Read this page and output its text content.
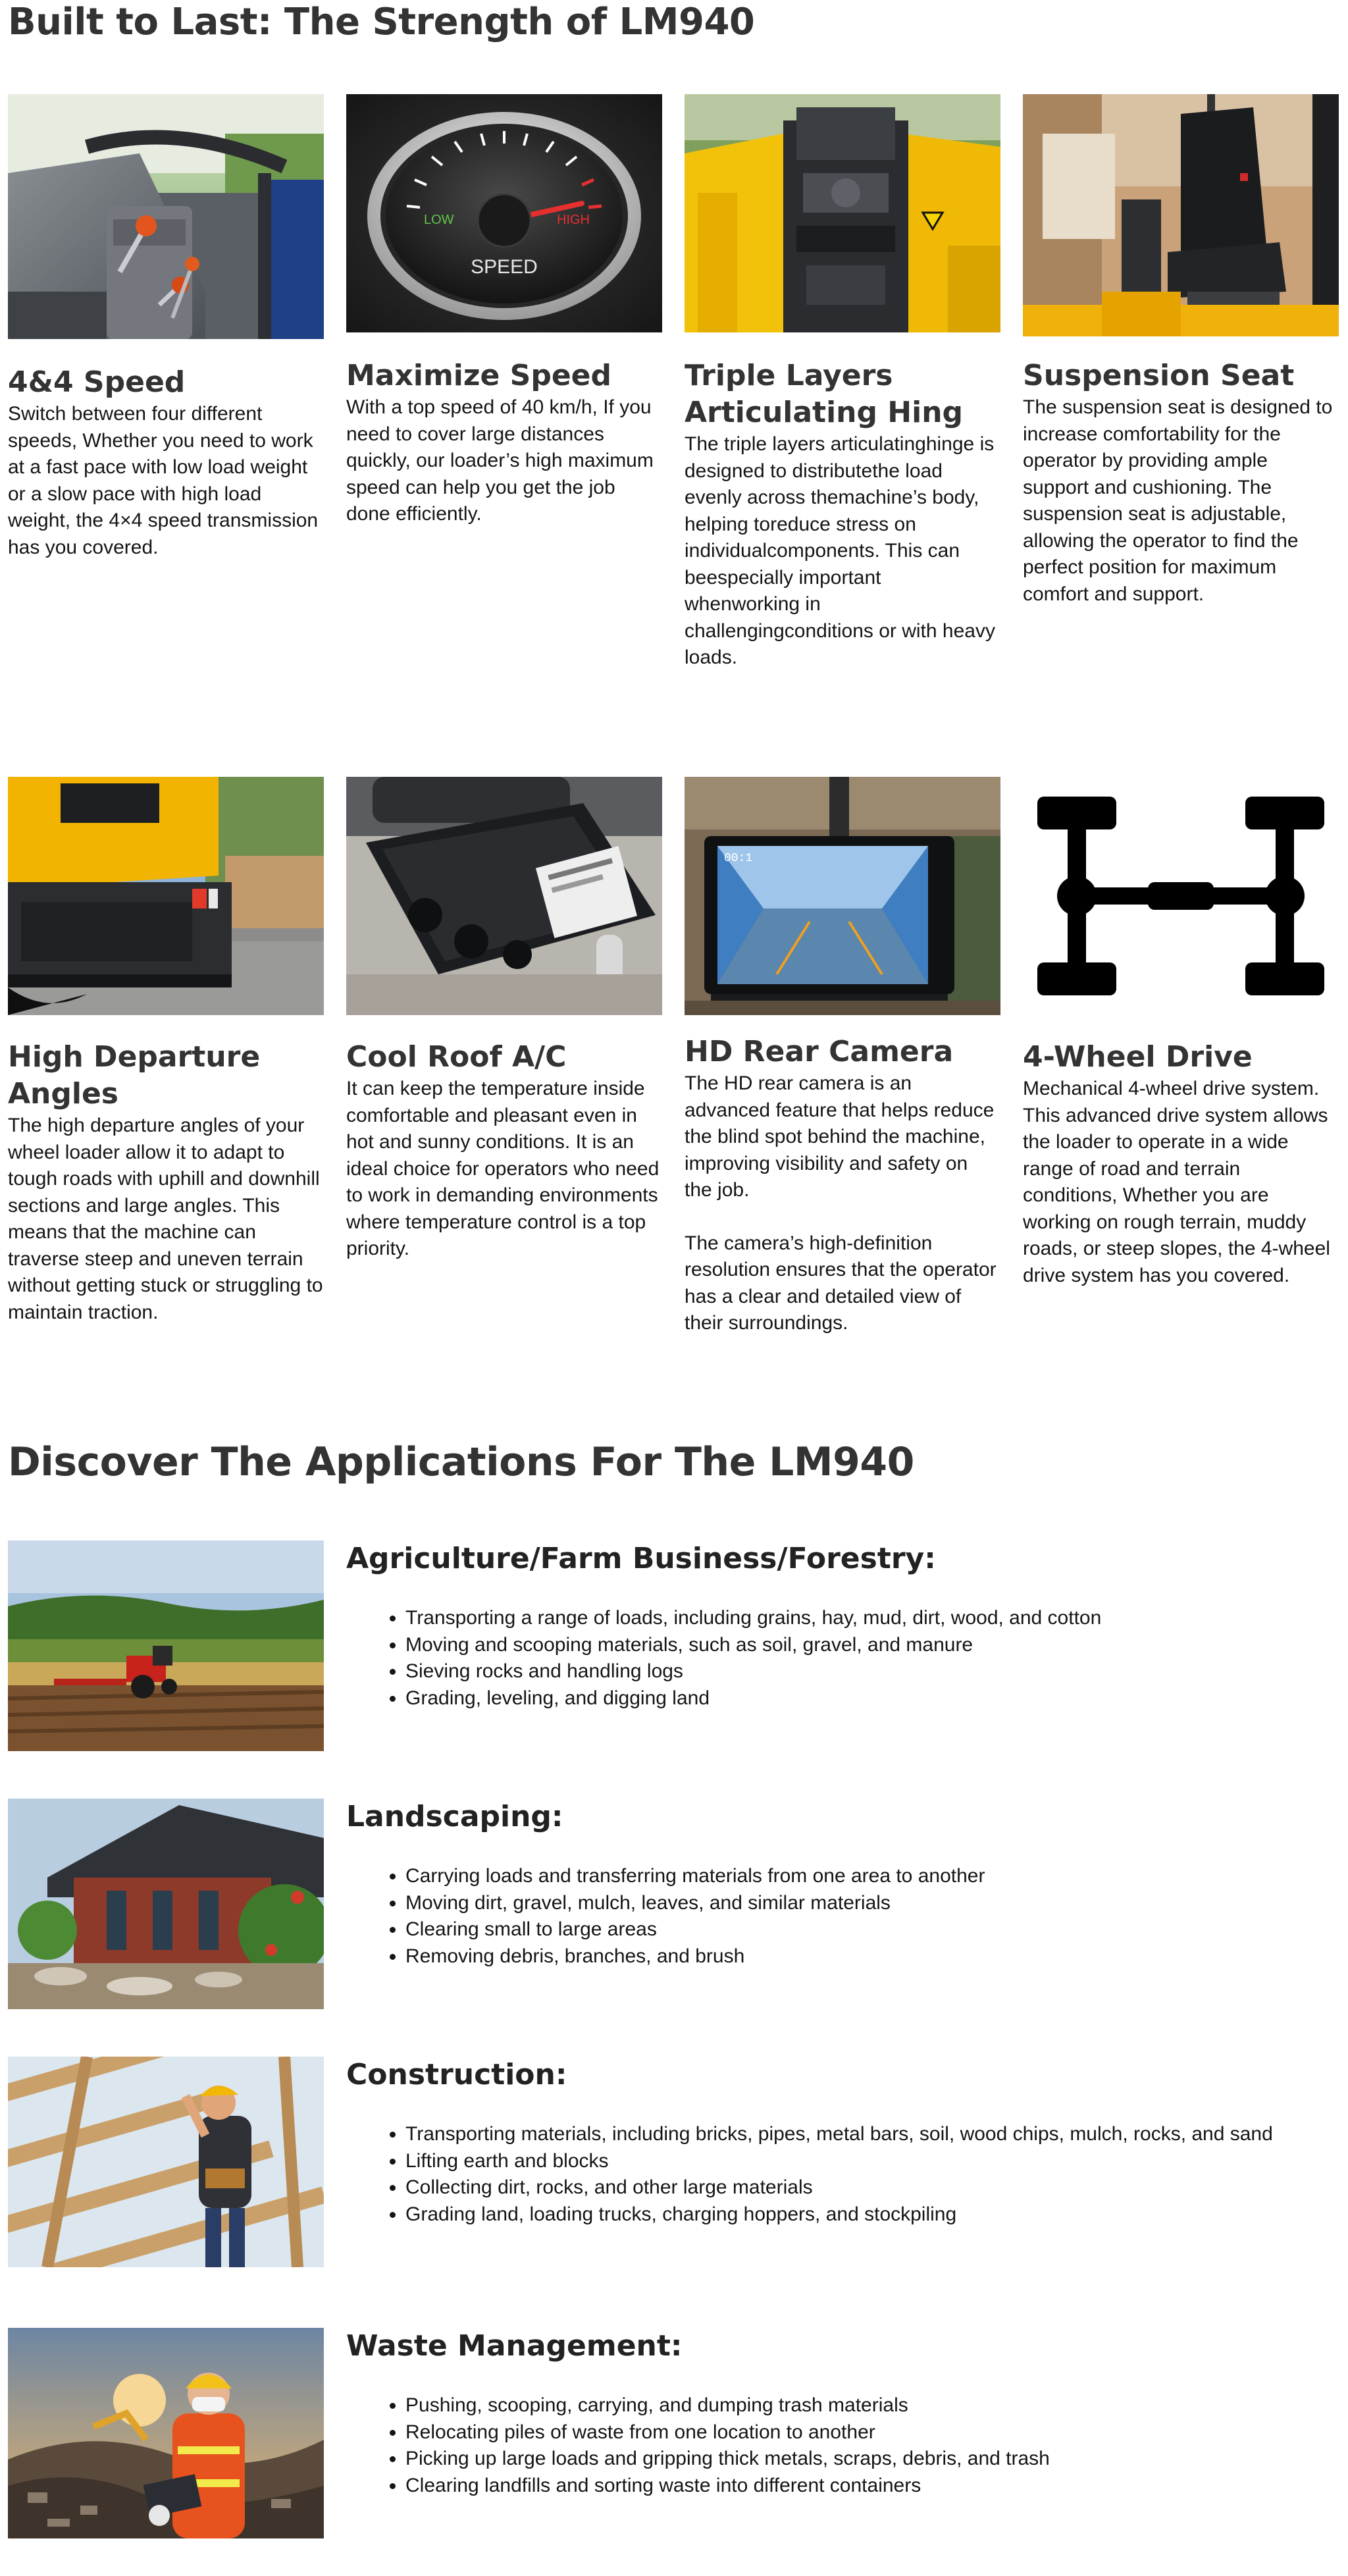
Built to Last: The Strength of LM940
4&4 Speed

Switch between four different speeds, Whether you need to work at a fast pace with low load weight or a slow pace with high load weight, the 4×4 speed transmission has you covered.

LOW	HIGH
SPEED
Maximize Speed

With a top speed of 40 km/h, If you need to cover large distances quickly, our loader’s high maximum speed can help you get the job done efficiently.

Triple Layers Articulating Hing

The triple layers articulatinghinge is designed to distributethe load evenly across themachine’s body, helping toreduce stress on individualcomponents. This can beespecially important whenworking in challengingconditions or with heavy loads.

Suspension Seat

The suspension seat is designed to increase comfortability for the operator by providing ample support and cushioning. The suspension seat is adjustable, allowing the operator to find the perfect position for maximum comfort and support.

High Departure Angles

The high departure angles of your wheel loader allow it to adapt to tough roads with uphill and downhill sections and large angles. This means that the machine can traverse steep and uneven terrain without getting stuck or struggling to maintain traction.

Cool Roof A/C

It can keep the temperature inside comfortable and pleasant even in hot and sunny conditions. It is an ideal choice for operators who need to work in demanding environments where temperature control is a top priority.

00:1
HD Rear Camera

The HD rear camera is an advanced feature that helps reduce the blind spot behind the machine, improving visibility and safety on the job.

The camera’s high-definition resolution ensures that the operator has a clear and detailed view of their surroundings.

4-Wheel Drive

Mechanical 4-wheel drive system. This advanced drive system allows the loader to operate in a wide range of road and terrain conditions, Whether you are working on rough terrain, muddy roads, or steep slopes, the 4-wheel drive system has you covered.

Discover The Applications For The LM940
Agriculture/Farm Business/Forestry:
• Transporting a range of loads, including grains, hay, mud, dirt, wood, and cotton
• Moving and scooping materials, such as soil, gravel, and manure
• Sieving rocks and handling logs
• Grading, leveling, and digging land
Landscaping:
• Carrying loads and transferring materials from one area to another
• Moving dirt, gravel, mulch, leaves, and similar materials
• Clearing small to large areas
• Removing debris, branches, and brush
Construction:
• Transporting materials, including bricks, pipes, metal bars, soil, wood chips, mulch, rocks, and sand
• Lifting earth and blocks
• Collecting dirt, rocks, and other large materials
• Grading land, loading trucks, charging hoppers, and stockpiling
Waste Management:
• Pushing, scooping, carrying, and dumping trash materials
• Relocating piles of waste from one location to another
• Picking up large loads and gripping thick metals, scraps, debris, and trash
• Clearing landfills and sorting waste into different containers
